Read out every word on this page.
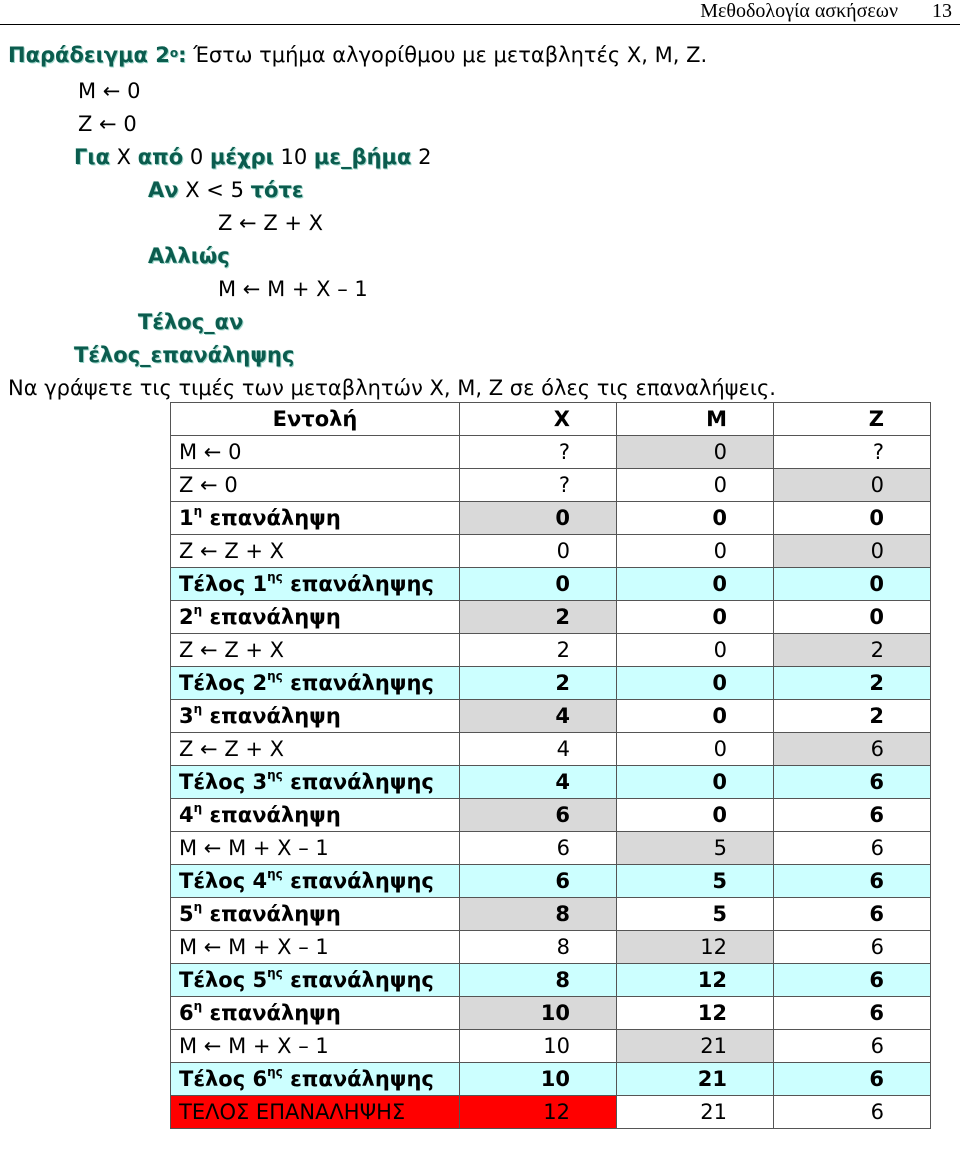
Μεθοδολογία ασκήσεων 13
Παράδειγμα $2^o$: Έστω τμήμα αλγορίθμου με μεταβλητές Χ, Μ, Ζ.
Μ ← 0
Ζ ← 0
Για Χ από 0 μέχρι 10 με_βήμα 2
Αν Χ < 5 τότε
Ζ ← Ζ + Χ
Αλλιώς
Μ ← Μ + Χ – 1
Τέλος_αν
Τέλος_επανάληψης
Να γράψετε τις τιμές των μεταβλητών Χ, Μ, Ζ σε όλες τις επαναλήψεις.
Εντολή	Χ	Μ	Ζ
Μ ← 0	?	0	?
Ζ ← 0	?	0	0
$1^\eta$ επανάληψη	0	0	0
Ζ ← Ζ + Χ	0	0	0
Τέλος $1^{\eta\varsigma}$ επανάληψης	0	0	0
$2^\eta$ επανάληψη	2	0	0
Ζ ← Ζ + Χ	2	0	2
Τέλος $2^{\eta\varsigma}$ επανάληψης	2	0	2
$3^\eta$ επανάληψη	4	0	2
Ζ ← Ζ + Χ	4	0	6
Τέλος $3^{\eta\varsigma}$ επανάληψης	4	0	6
$4^\eta$ επανάληψη	6	0	6
Μ ← Μ + Χ – 1	6	5	6
Τέλος $4^{\eta\varsigma}$ επανάληψης	6	5	6
$5^\eta$ επανάληψη	8	5	6
Μ ← Μ + Χ – 1	8	12	6
Τέλος $5^{\eta\varsigma}$ επανάληψης	8	12	6
$6^\eta$ επανάληψη	10	12	6
Μ ← Μ + Χ – 1	10	21	6
Τέλος $6^{\eta\varsigma}$ επανάληψης	10	21	6
ΤΕΛΟΣ ΕΠΑΝΑΛΗΨΗΣ	12	21	6
